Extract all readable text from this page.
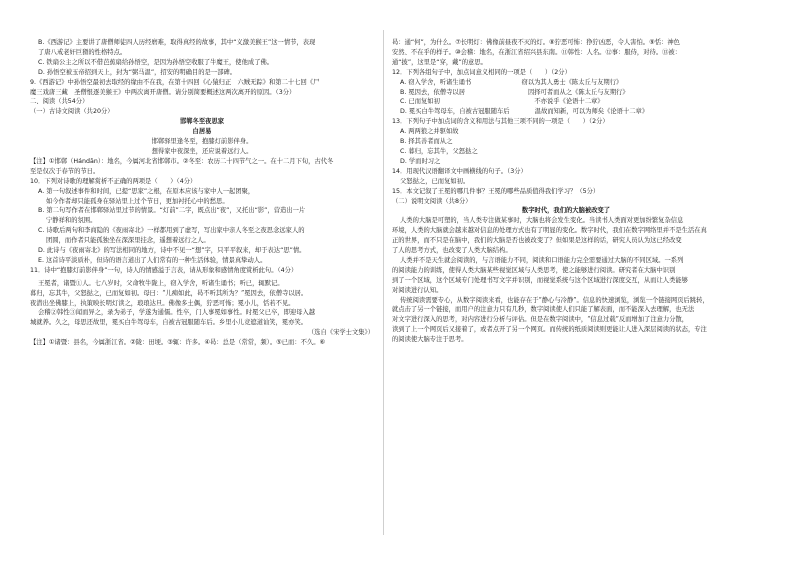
B.《西游记》主要讲了唐僧师徒四人历经磨难，取得真经的故事，其中“义激美猴王”这一情节，表现
了唐八戒老奸巨猾的性格特点。
C. 铁扇公主之所以不借芭蕉扇给孙悟空，是因为孙悟空收服了牛魔王，使他成了佛。
D. 孙悟空被玉帝招到天上，封为“弼马温”，招安的明确目的是一部碑。
9.《西游记》中孙悟空最初去取经的缘由不在我，在第十四回《心猿归正　六贼无踪》和第二十七回《尸
魔三戏唐三藏　圣僧恨逐美猴王》中两次离开唐僧。请分别简要概述这两次离开的原因。（3分）
二、阅读（共54分）
（一）古诗文阅读（共20分）
邯郸冬至夜思家
白居易
邯郸驿里逢冬至，抱膝灯前影伴身。
想得家中夜深坐，还应说着远行人。
【注】①邯郸（Hándān）：地名，今属河北省邯郸市。②冬至：农历二十四节气之一。在十二月下旬，古代冬
至是仅次于春节的节日。
10．下列对诗歌的理解赏析不正确的两项是（　　）（4分）
A. 第一句叙述事件和时间，已提“思家”之根，在原本应该与家中人一起团聚，
如今作者却只能孤身在驿站里上过个节日，更加衬托心中的愁思。
B. 第二句写作者在邯郸驿站里过节的情景。“灯前”二字，既点出“夜”，又托出“影”，营造出一片
宁静祥和的氛围。
C. 诗歌后两句和李商隐的《夜雨寄北》一样都用到了虚写，写出家中亲人冬至之夜思念远家人的
团圆，而作者只能孤独坐在深深里挂念，遥想着远行之人。
D. 此诗与《夜雨寄北》的写法相同的地方，诗中不见一“想”字，只平平叙来，却于表达“思”情。
E. 这首诗平淡质朴，但诗的语言道出了人们常有的一种生活体验，情景真挚动人。
11．诗中“抱膝灯前影伴身”一句，诗人的情感溢于言表，请从形象和感情角度赏析此句。（4分）
王冕者，诸暨①人。七八岁时，父命牧牛陇上，窃入学舍，听诸生诵书；听已，辄默记。
暮归，忘其牛，父怒挞之，已而复如初。母曰：“儿痴如此，曷不听其所为？”冕因去，依僧寺以居。
夜潜出坐佛膝上，执策映长明灯读之，琅琅达旦。佛像多土偶，狞恶可怖；冕小儿，恬若不见。
会稽②韩性③闻而异之，录为弟子，学遂为通儒。性卒，门人事冕如事性。时冕父已卒，即迎母入越
城就养。久之，母思还故里，冕买白牛驾母车，自被古冠服随车后。乡里小儿竞遮道讪笑，冕亦笑。
（选自《宋学士文集》）
【注】①诸暨：县名，今属浙江省。②陇：田埂。③辄：许多。④曷：总是（常常，频）。⑤已而：不久。⑥
曷：通“何”，为什么。⑦长明灯：佛像前昼夜不灭的灯。⑧狞恶可怖：狰狞凶恶，令人害怕。⑨恬：神色
安然、不在乎的样子。⑩会稽：地名，在浙江省绍兴县东南。⑪韩性：人名。⑫事：服侍，对待。⑬被：
通“披”，这里是“穿，戴”的意思。
12．下列各组句子中，加点词意义相同的一项是（　　）（2分）
A. 窃入学舍，听诸生诵书　　　　　　　　窃以为其人勇士《陈太丘与友期行》
B. 冕因去，依僧寺以居　　　　　　　　　　因择可者而从之《陈太丘与友期行》
C. 已而复如初　　　　　　　　　　　　　　　不亦说乎《论语十二章》
D. 冕买白牛驾母车，自被古冠服随车后　　　　温故而知新，可以为师矣《论语十二章》
13．下列句子中加点词的含义和用法与其他三项不同的一项是（　　）（2分）
A. 两两狼之并驱如故
B. 择其善者而从之
C. 暮归，忘其牛，父怒挞之
D. 学而时习之
14．用现代汉语翻译文中画横线的句子。（3分）
父怒挞之，已而复如初。
15．本文记叙了王冕的哪几件事？王冕的哪些品质值得我们学习？（5分）
（二）说明文阅读（共8分）
数字时代，我们的大脑被改变了
人类的大脑是可塑的，当人类专注做某事时，大脑也将会发生变化。当读书人类面对更加纷繁复杂信息
环境，人类的大脑就会越来越对信息的处理方式也有了明显的变化。数字时代，我们在数字网络里并不是生活在真
正的世界，而不只是在脑中，我们的大脑是否也被改变了？但如果是这样的话，研究人员认为这已经改变
了人的思考方式，也改变了人类大脑结构。
人类并不是天生就会阅读的，与言语能力不同，阅读和口语能力完全需要通过大脑的不同区域。一系列
的阅读能力的训练，使得人类大脑某些视觉区域与人类思考，使之能够进行阅读。研究者在大脑中识别
到了一个区域，这个区域专门处理书写文字并识别，而视觉系统与这个区域进行深度交互，从而让人类能够
对阅读进行认知。
传统阅读需要专心，从数字阅读来看，也能存在于“静心与冷静”。信息的快速浏览，浏览一个链接网页后跳转，
就点击了另一个链接，而用户的注意力只有几秒，数字阅读使人们只能了解表面，而不能深入去理解，也无法
对文字进行深入的思考，对内容进行分析与评估。但是在数字阅读中，“信息过载”反而增加了注意力分散，
读到了上一个网页后又接着了，或者点开了另一个网页。而传统的纸质阅读则更能让人进入深层阅读的状态，专注
的阅读使大脑专注于思考。
